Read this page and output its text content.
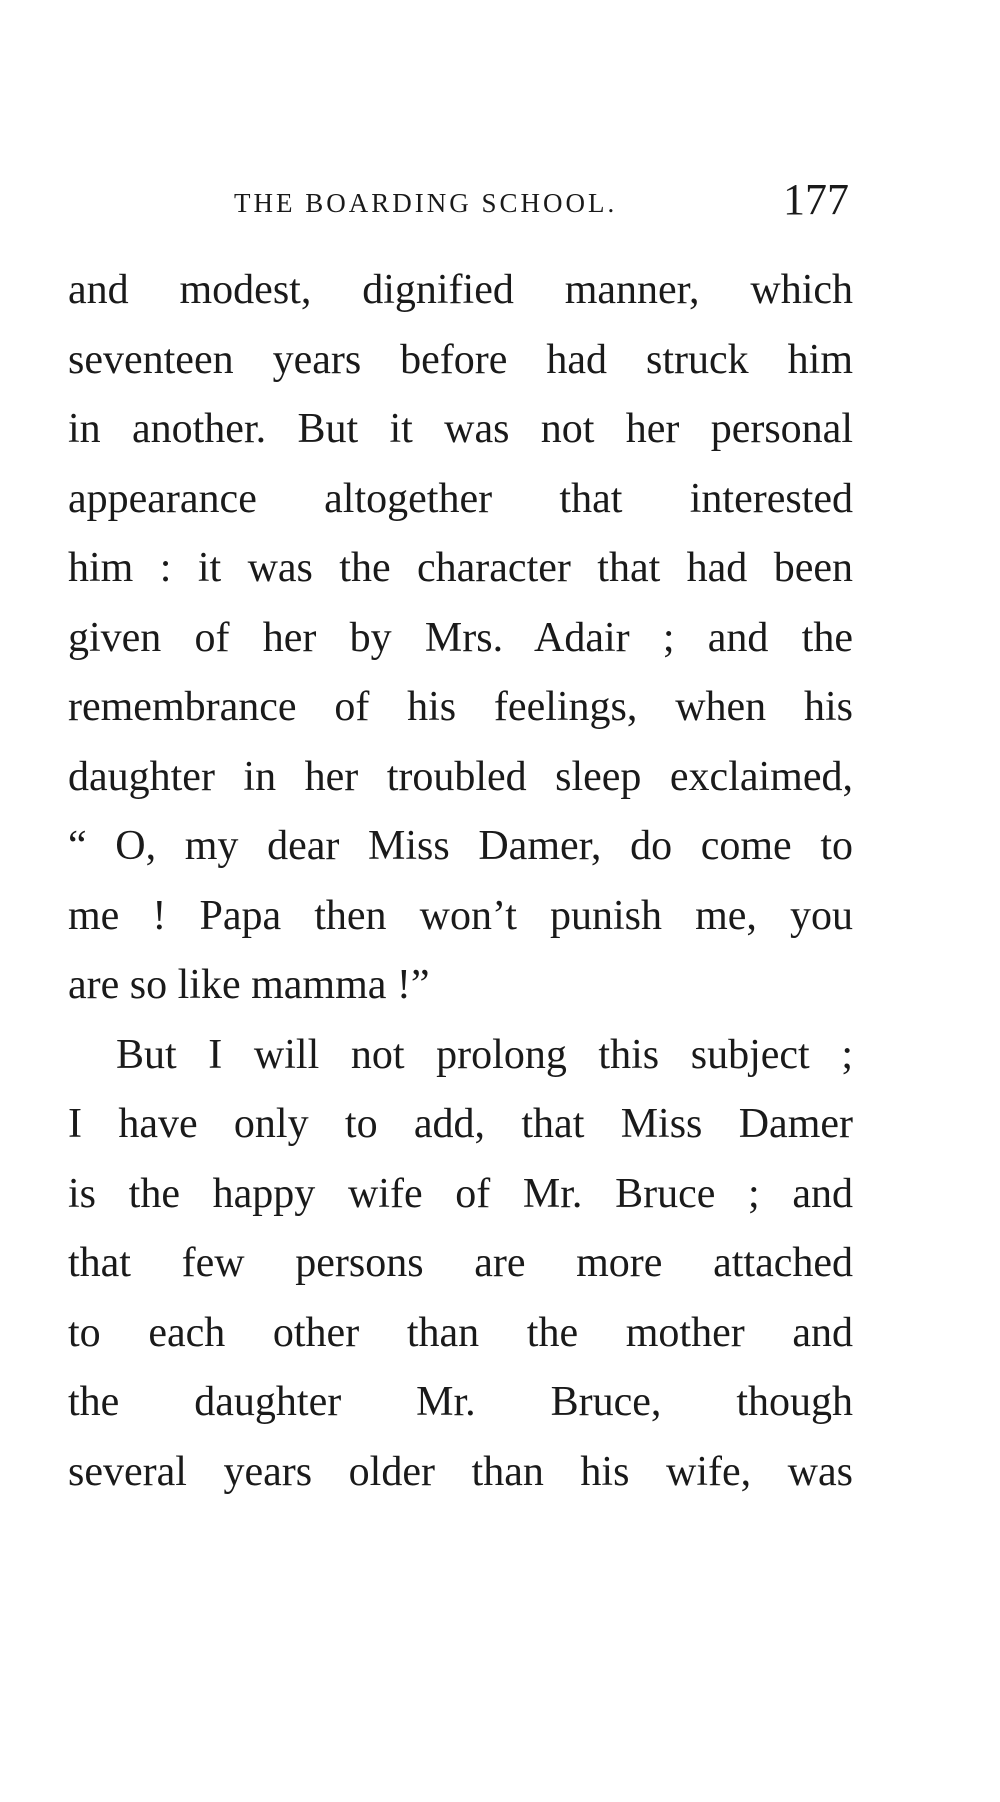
THE BOARDING SCHOOL.	177
and modest, dignified manner, which
seventeen years before had struck him
in another. But it was not her personal
appearance altogether that interested
him : it was the character that had been
given of her by Mrs. Adair ; and the
remembrance of his feelings, when his
daughter in her troubled sleep exclaimed,
“ O, my dear Miss Damer, do come to
me ! Papa then won’t punish me, you
are so like mamma !”
But I will not prolong this subject ;
I have only to add, that Miss Damer
is the happy wife of Mr. Bruce ; and
that few persons are more attached
to each other than the mother and
the daughter Mr. Bruce, though
several years older than his wife, was
